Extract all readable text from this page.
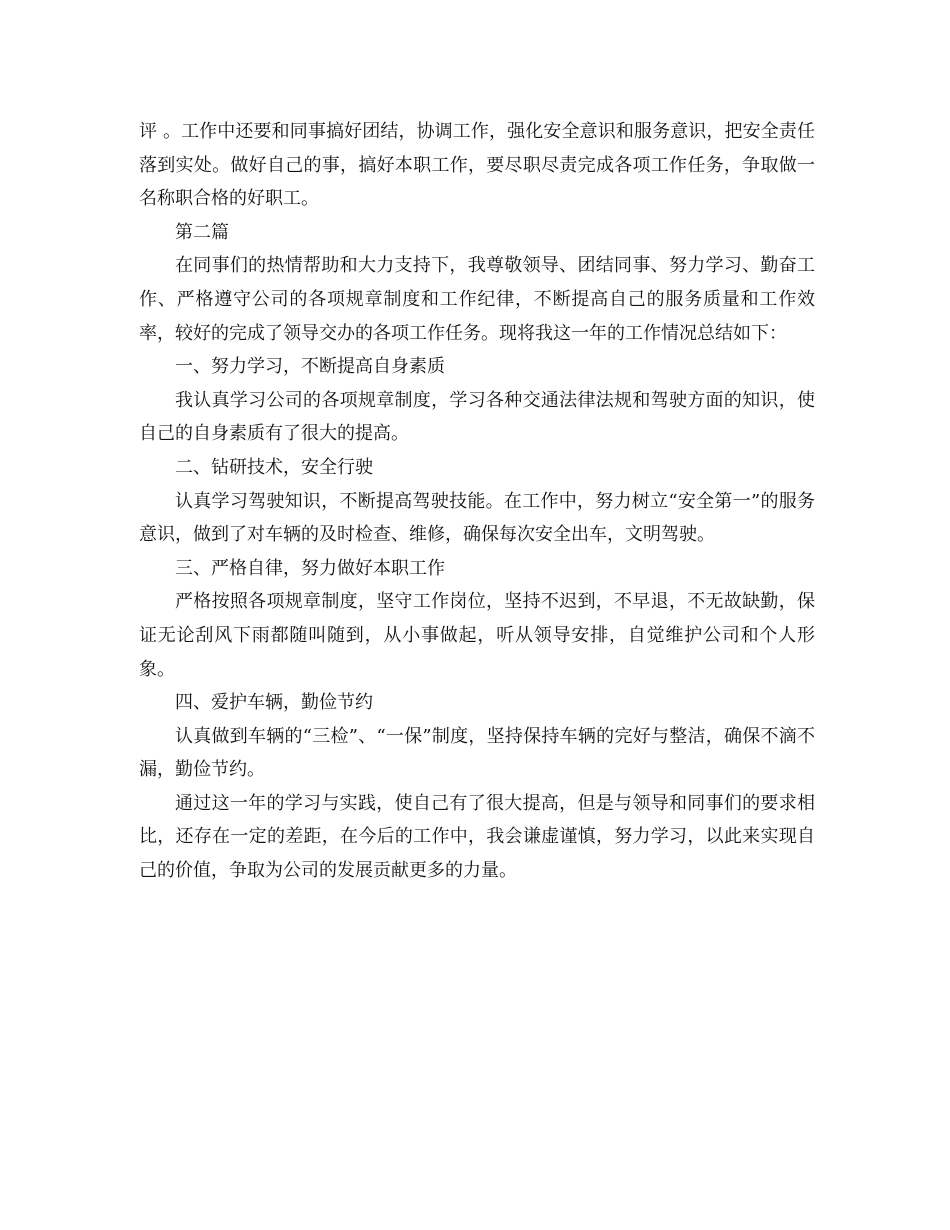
评 。工作中还要和同事搞好团结，协调工作，强化安全意识和服务意识，把安全责任落到实处。做好自己的事，搞好本职工作，要尽职尽责完成各项工作任务，争取做一名称职合格的好职工。

第二篇

在同事们的热情帮助和大力支持下，我尊敬领导、团结同事、努力学习、勤奋工作、严格遵守公司的各项规章制度和工作纪律，不断提高自己的服务质量和工作效率，较好的完成了领导交办的各项工作任务。现将我这一年的工作情况总结如下：

一、努力学习，不断提高自身素质

我认真学习公司的各项规章制度，学习各种交通法律法规和驾驶方面的知识，使自己的自身素质有了很大的提高。

二、钻研技术，安全行驶

认真学习驾驶知识，不断提高驾驶技能。在工作中，努力树立“安全第一”的服务意识，做到了对车辆的及时检查、维修，确保每次安全出车，文明驾驶。

三、严格自律，努力做好本职工作

严格按照各项规章制度，坚守工作岗位，坚持不迟到，不早退，不无故缺勤，保证无论刮风下雨都随叫随到，从小事做起，听从领导安排，自觉维护公司和个人形象。

四、爱护车辆，勤俭节约

认真做到车辆的“三检”、“一保”制度，坚持保持车辆的完好与整洁，确保不滴不漏，勤俭节约。

通过这一年的学习与实践，使自己有了很大提高，但是与领导和同事们的要求相比，还存在一定的差距，在今后的工作中，我会谦虚谨慎，努力学习，以此来实现自己的价值，争取为公司的发展贡献更多的力量。
